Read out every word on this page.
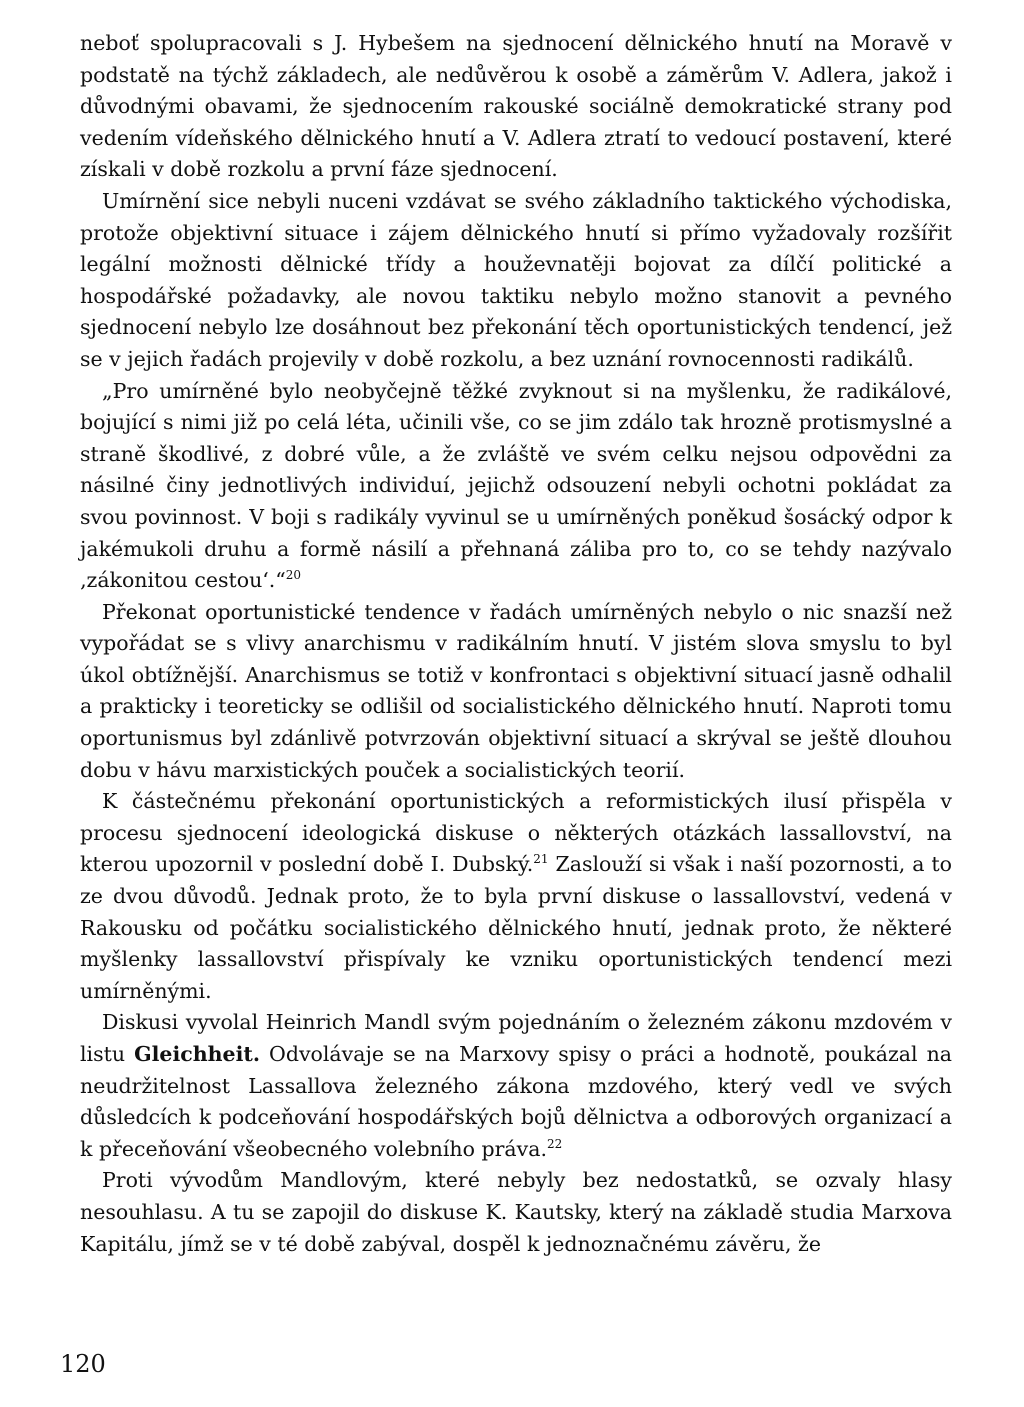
neboť spolupracovali s J. Hybešem na sjednocení dělnického hnutí na Moravě v podstatě na týchž základech, ale nedůvěrou k osobě a záměrům V. Adlera, jakož i důvodnými obavami, že sjednocením rakouské sociálně demokratické strany pod vedením vídeňského dělnického hnutí a V. Adlera ztratí to vedoucí postavení, které získali v době rozkolu a první fáze sjednocení.

Umírnění sice nebyli nuceni vzdávat se svého základního taktického východiska, protože objektivní situace i zájem dělnického hnutí si přímo vyžadovaly rozšířit legální možnosti dělnické třídy a houževnatěji bojovat za dílčí politické a hospodářské požadavky, ale novou taktiku nebylo možno stanovit a pevného sjednocení nebylo lze dosáhnout bez překonání těch oportunistických tendencí, jež se v jejich řadách projevily v době rozkolu, a bez uznání rovnocennosti radikálů.

„Pro umírněné bylo neobyčejně těžké zvyknout si na myšlenku, že radikálové, bojující s nimi již po celá léta, učinili vše, co se jim zdálo tak hrozně protismyslné a straně škodlivé, z dobré vůle, a že zvláště ve svém celku nejsou odpovědni za násilné činy jednotlivých individuí, jejichž odsouzení nebyli ochotni pokládat za svou povinnost. V boji s radikály vyvinul se u umírněných poněkud šosácký odpor k jakémukoli druhu a formě násilí a přehnaná záliba pro to, co se tehdy nazývalo ‚zákonitou cestou‘.“$^{20}$

Překonat oportunistické tendence v řadách umírněných nebylo o nic snazší než vypořádat se s vlivy anarchismu v radikálním hnutí. V jistém slova smyslu to byl úkol obtížnější. Anarchismus se totiž v konfrontaci s objektivní situací jasně odhalil a prakticky i teoreticky se odlišil od socialistického dělnického hnutí. Naproti tomu oportunismus byl zdánlivě potvrzován objektivní situací a skrýval se ještě dlouhou dobu v hávu marxistických pouček a socialistických teorií.

K částečnému překonání oportunistických a reformistických ilusí přispěla v procesu sjednocení ideologická diskuse o některých otázkách lassallovství, na kterou upozornil v poslední době I. Dubský.$^{21}$ Zaslouží si však i naší pozornosti, a to ze dvou důvodů. Jednak proto, že to byla první diskuse o lassallovství, vedená v Rakousku od počátku socialistického dělnického hnutí, jednak proto, že některé myšlenky lassallovství přispívaly ke vzniku oportunistických tendencí mezi umírněnými.

Diskusi vyvolal Heinrich Mandl svým pojednáním o železném zákonu mzdovém v listu Gleichheit. Odvolávaje se na Marxovy spisy o práci a hodnotě, poukázal na neudržitelnost Lassallova železného zákona mzdového, který vedl ve svých důsledcích k podceňování hospodářských bojů dělnictva a odborových organizací a k přeceňování všeobecného volebního práva.$^{22}$

Proti vývodům Mandlovým, které nebyly bez nedostatků, se ozvaly hlasy nesouhlasu. A tu se zapojil do diskuse K. Kautsky, který na základě studia Marxova Kapitálu, jímž se v té době zabýval, dospěl k jednoznačnému závěru, že

120
